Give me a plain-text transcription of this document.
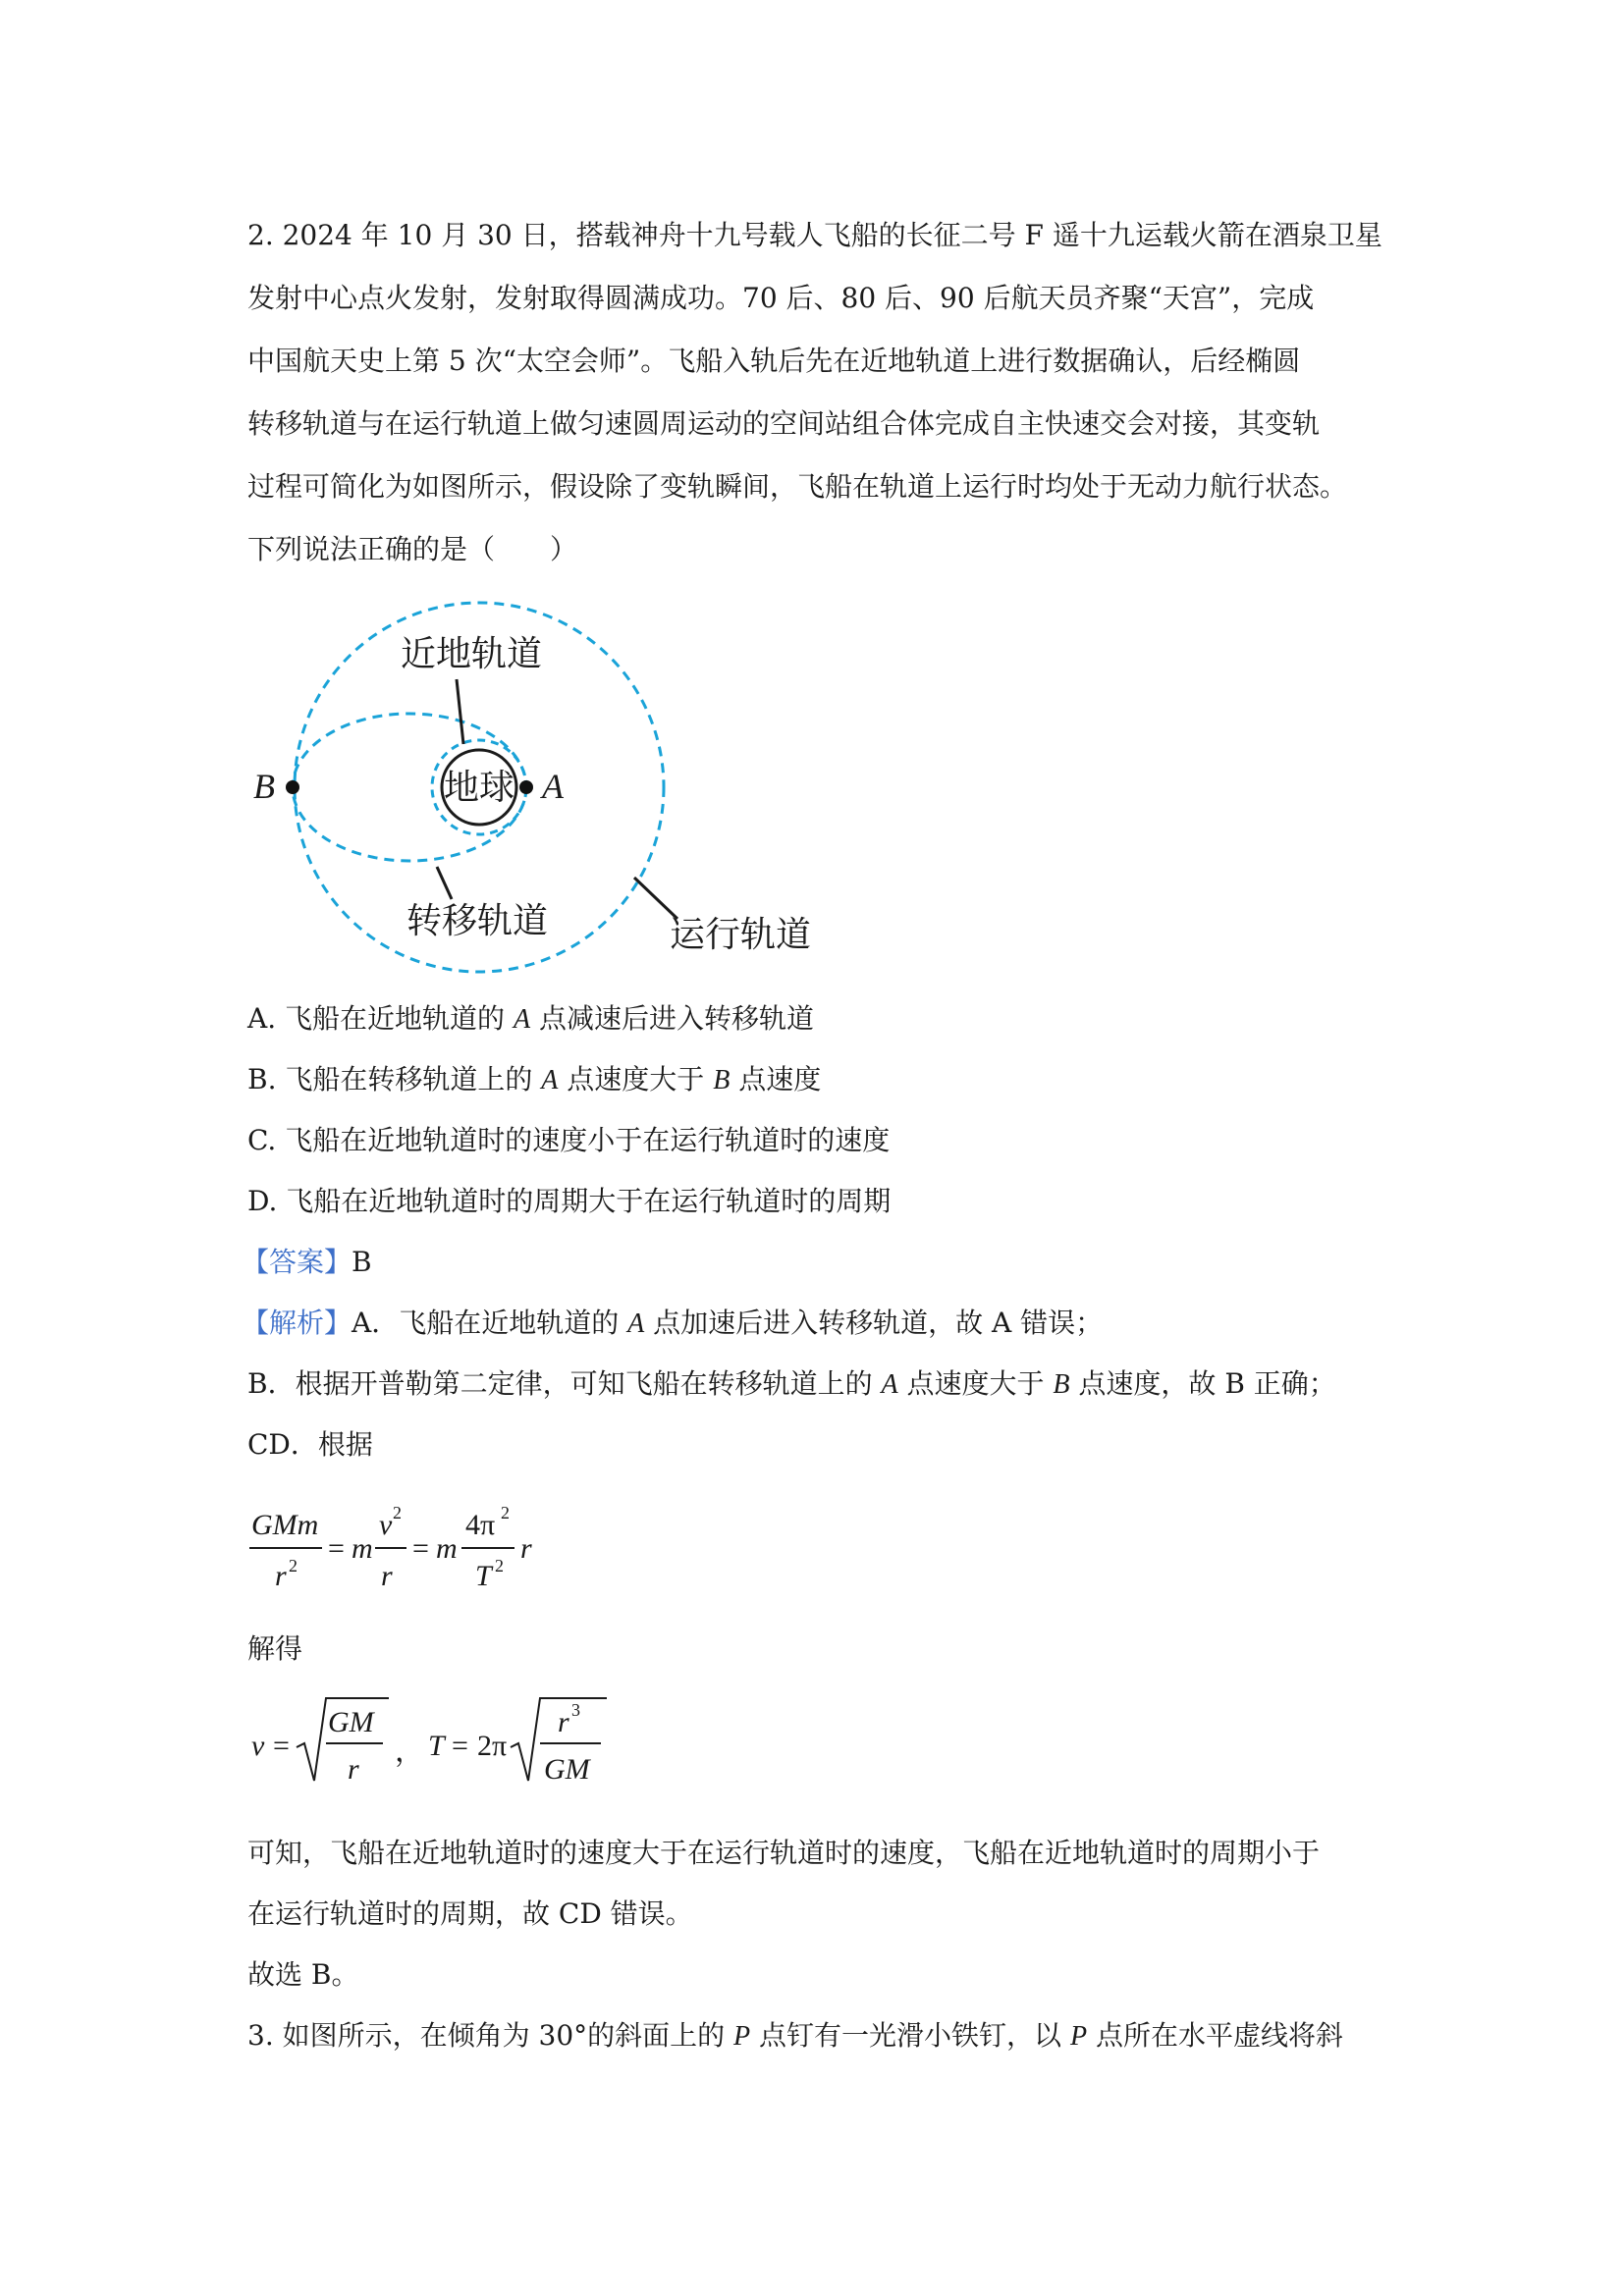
2. 2024 年 10 月 30 日，搭载神舟十九号载人飞船的长征二号 F 遥十九运载火箭在酒泉卫星
发射中心点火发射，发射取得圆满成功。70 后、80 后、90 后航天员齐聚“天宫”，完成
中国航天史上第 5 次“太空会师”。飞船入轨后先在近地轨道上进行数据确认，后经椭圆
转移轨道与在运行轨道上做匀速圆周运动的空间站组合体完成自主快速交会对接，其变轨
过程可简化为如图所示，假设除了变轨瞬间，飞船在轨道上运行时均处于无动力航行状态。
下列说法正确的是（　　）
地球 A
B
近地轨道
转移轨道	运行轨道
A. 飞船在近地轨道的 A 点减速后进入转移轨道
B. 飞船在转移轨道上的 A 点速度大于 B 点速度
C. 飞船在近地轨道时的速度小于在运行轨道时的速度
D. 飞船在近地轨道时的周期大于在运行轨道时的周期
【答案】B
【解析】A．飞船在近地轨道的 A 点加速后进入转移轨道，故 A 错误；
B．根据开普勒第二定律，可知飞船在转移轨道上的 A 点速度大于 B 点速度，故 B 正确；
CD．根据
GMm
r 2
= m
v 2
r
= m
4π 2
T 2
r
解得
v =
GM
r
， T = 2π
r 3
GM
可知，飞船在近地轨道时的速度大于在运行轨道时的速度，飞船在近地轨道时的周期小于
在运行轨道时的周期，故 CD 错误。
故选 B。
3. 如图所示，在倾角为 30°的斜面上的 P 点钉有一光滑小铁钉，以 P 点所在水平虚线将斜
